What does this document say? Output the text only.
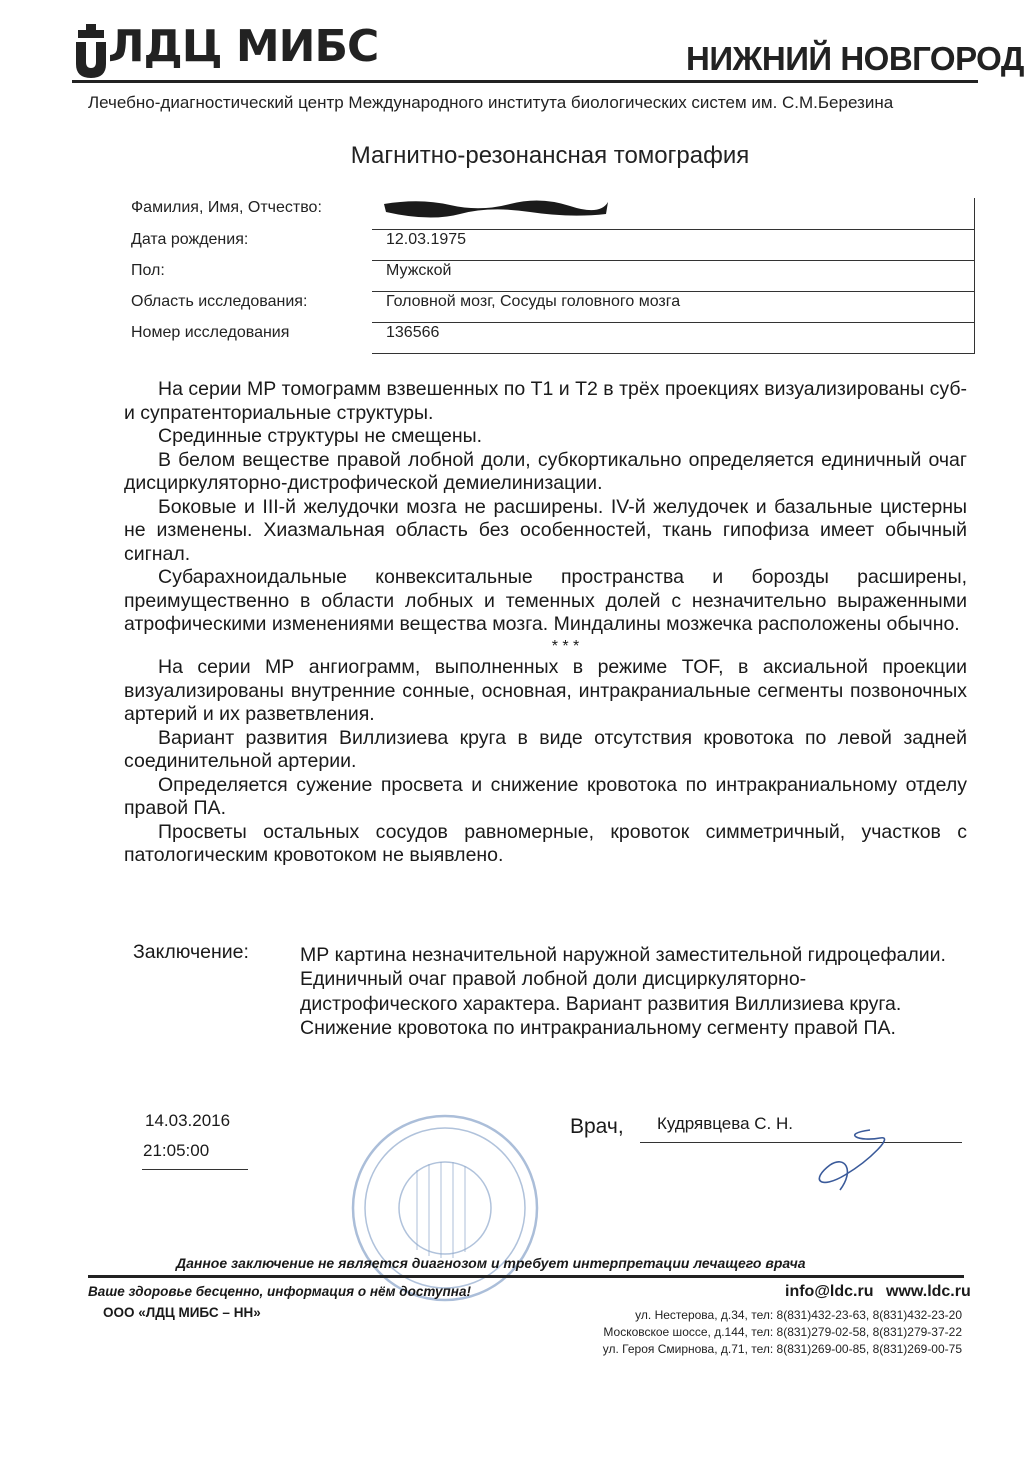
ЛДЦ МИБС	НИЖНИЙ НОВГОРОД
Лечебно-диагностический центр Международного института биологических систем им. С.М.Березина
Магнитно-резонансная томография
Фамилия, Имя, Отчество:
Дата рождения:	12.03.1975
Пол:	Мужской
Область исследования:	Головной мозг, Сосуды головного мозга
Номер исследования	136566

На серии МР томограмм взвешенных по Т1 и Т2 в трёх проекциях визуализированы суб- и супратенториальные структуры.

Срединные структуры не смещены.

В белом веществе правой лобной доли, субкортикально определяется единичный очаг дисциркуляторно-дистрофической демиелинизации.

Боковые и III-й желудочки мозга не расширены. IV-й желудочек и базальные цистерны не изменены. Хиазмальная область без особенностей, ткань гипофиза имеет обычный сигнал.

Субарахноидальные конвекситальные пространства и борозды расширены, преимущественно в области лобных и теменных долей с незначительно выраженными атрофическими изменениями вещества мозга. Миндалины мозжечка расположены обычно.

* * *

На серии МР ангиограмм, выполненных в режиме TOF, в аксиальной проекции визуализированы внутренние сонные, основная, интракраниальные сегменты позвоночных артерий и их разветвления.

Вариант развития Виллизиева круга в виде отсутствия кровотока по левой задней соединительной артерии.

Определяется сужение просвета и снижение кровотока по интракраниальному отделу правой ПА.

Просветы остальных сосудов равномерные, кровоток симметричный, участков с патологическим кровотоком не выявлено.

Заключение:	МР картина незначительной наружной заместительной гидроцефалии. Единичный очаг правой лобной доли дисциркуляторно-дистрофического характера. Вариант развития Виллизиева круга. Снижение кровотока по интракраниальному сегменту правой ПА.
14.03.2016
21:05:00
Врач, Кудрявцева С. Н.
Данное заключение не является диагнозом и требует интерпретации лечащего врача
Ваше здоровье бесценно, информация о нём доступна!
ООО «ЛДЦ МИБС – НН»
info@ldc.ru www.ldc.ru
ул. Нестерова, д.34, тел: 8(831)432-23-63, 8(831)432-23-20
Московское шоссе, д.144, тел: 8(831)279-02-58, 8(831)279-37-22
ул. Героя Смирнова, д.71, тел: 8(831)269-00-85, 8(831)269-00-75
